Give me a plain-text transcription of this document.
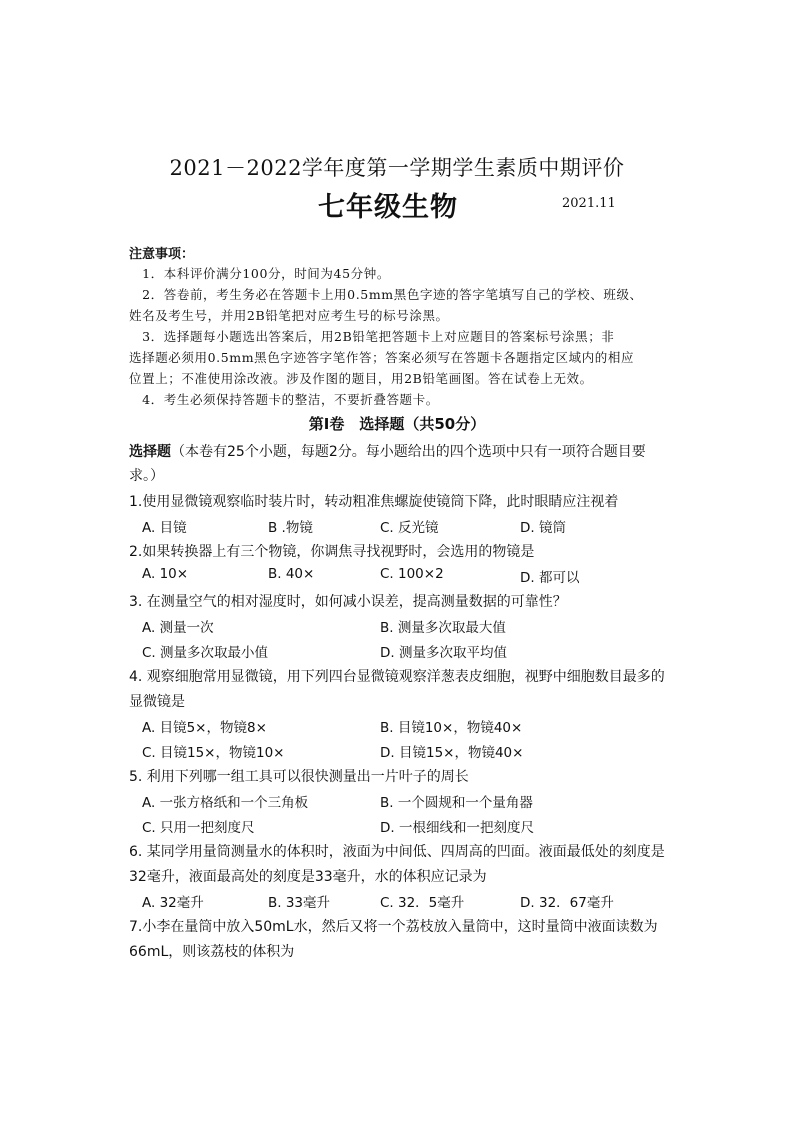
2021－2022学年度第一学期学生素质中期评价
七年级生物	2021.11
注意事项：
　1．本科评价满分100分，时间为45分钟。
　2．答卷前，考生务必在答题卡上用0.5mm黑色字迹的答字笔填写自己的学校、班级、
姓名及考生号，并用2B铅笔把对应考生号的标号涂黑。
　3．选择题每小题选出答案后，用2B铅笔把答题卡上对应题目的答案标号涂黑；非
选择题必须用0.5mm黑色字迹答字笔作答；答案必须写在答题卡各题指定区域内的相应
位置上；不准使用涂改液。涉及作图的题目，用2B铅笔画图。答在试卷上无效。
　4．考生必须保持答题卡的整洁，不要折叠答题卡。
第Ⅰ卷　选择题（共50分）
选择题（本卷有25个小题，每题2分。每小题给出的四个选项中只有一项符合题目要
求。）
1.使用显微镜观察临时装片时，转动粗准焦螺旋使镜筒下降，此时眼睛应注视着
A. 目镜	B .物镜	C. 反光镜	D. 镜筒
2.如果转换器上有三个物镜，你调焦寻找视野时，会选用的物镜是
A. 10×	B. 40×	C. 100×2	D. 都可以
3. 在测量空气的相对湿度时，如何减小误差，提高测量数据的可靠性？
A. 测量一次	B. 测量多次取最大值
C. 测量多次取最小值	D. 测量多次取平均值
4. 观察细胞常用显微镜，用下列四台显微镜观察洋葱表皮细胞，视野中细胞数目最多的
显微镜是
A. 目镜5×，物镜8×	B. 目镜10×，物镜40×
C. 目镜15×，物镜10×	D. 目镜15×，物镜40×
5. 利用下列哪一组工具可以很快测量出一片叶子的周长
A. 一张方格纸和一个三角板	B. 一个圆规和一个量角器
C. 只用一把刻度尺	D. 一根细线和一把刻度尺
6. 某同学用量筒测量水的体积时，液面为中间低、四周高的凹面。液面最低处的刻度是
32毫升，液面最高处的刻度是33毫升，水的体积应记录为
A. 32毫升	B. 33毫升	C. 32．5毫升	D. 32．67毫升
7.小李在量筒中放入50mL水，然后又将一个荔枝放入量筒中，这时量筒中液面读数为
66mL，则该荔枝的体积为
